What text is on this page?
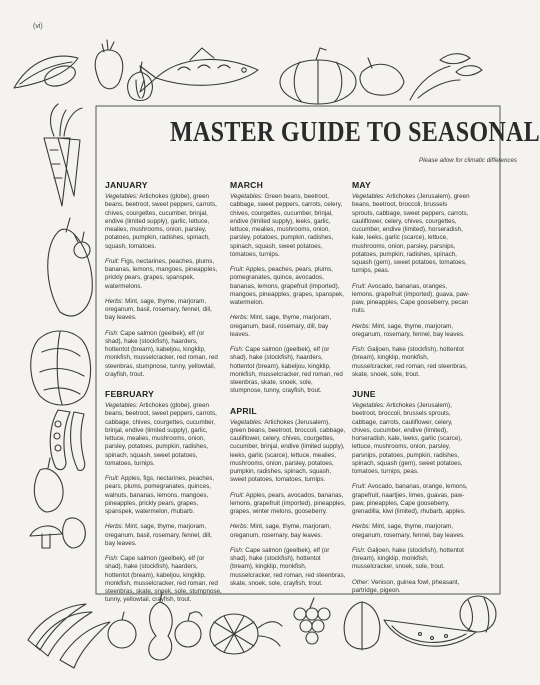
(vi)
MASTER GUIDE TO SEASONAL
Please allow for climatic differences
JANUARY

Vegetables: Artichokes (globe), green beans, beetroot, sweet peppers, carrots, chives, courgettes, cucumber, brinjal, endive (limited supply), garlic, lettuce, mealies, mushrooms, onion, parsley, potatoes, pumpkin, radishes, spinach, squash, tomatoes.

Fruit: Figs, nectarines, peaches, plums, bananas, lemons, mangoes, pineapples, prickly pears, grapes, spanspek, watermelons.

Herbs: Mint, sage, thyme, marjoram, oreganum, basil, rosemary, fennel, dill, bay leaves.

Fish: Cape salmon (geelbek), elf (or shad), hake (stockfish), haarders, hottentot (bream), kabeljou, kingklip, monkfish, musselcracker, red roman, red steenbras, stumpnose, tunny, yellowtail, crayfish, trout.

FEBRUARY

Vegetables: Artichokes (globe), green beans, beetroot, sweet peppers, carrots, cabbage, chives, courgettes, cucumber, brinjal, endive (limited supply), garlic, lettuce, mealies, mushrooms, onion, parsley, potatoes, pumpkin, radishes, spinach, squash, sweet potatoes, tomatoes, turnips.

Fruit: Apples, figs, nectarines, peaches, pears, plums, pomegranates, quinces, walnuts, bananas, lemons, mangoes, pineapples, prickly pears, grapes, spanspek, watermelon, rhubarb.

Herbs: Mint, sage, thyme, marjoram, oreganum, basil, rosemary, fennel, dill, bay leaves.

Fish: Cape salmon (geelbek), elf (or shad), hake (stockfish), haarders, hottentot (bream), kabeljou, kingklip, monkfish, musselcracker, red roman, red steenbras, skate, snoek, sole, stumpnose, tunny, yellowtail, crayfish, trout.

MARCH

Vegetables: Green beans, beetroot, cabbage, sweet peppers, carrots, celery, chives, courgettes, cucumber, brinjal, endive (limited supply), leeks, garlic, lettuce, mealies, mushrooms, onion, parsley, potatoes, pumpkin, radishes, spinach, squash, sweet potatoes, tomatoes, turnips.

Fruit: Apples, peaches, pears, plums, pomegranates, quince, avocados, bananas, lemons, grapefruit (imported), mangoes, pineapples, grapes, spanspek, watermelon.

Herbs: Mint, sage, thyme, marjoram, oreganum, basil, rosemary, dill, bay leaves.

Fish: Cape salmon (geelbek), elf (or shad), hake (stockfish), haarders, hottentot (bream), kabeljou, kingklip, monkfish, musselcracker, red roman, red steenbras, skate, snoek, sole, stumpnose, tunny, crayfish, trout.

APRIL

Vegetables: Artichokes (Jerusalem), green beans, beetroot, broccoli, cabbage, cauliflower, celery, chives, courgettes, cucumber, brinjal, endive (limited supply), leeks, garlic (scarce), lettuce, mealies, mushrooms, onion, parsley, potatoes, pumpkin, radishes, spinach, squash, sweet potatoes, tomatoes, turnips.

Fruit: Apples, pears, avocados, bananas, lemons, grapefruit (imported), pineapples, grapes, winter melons, gooseberry.

Herbs: Mint, sage, thyme, marjoram, oreganum, rosemary, bay leaves.

Fish: Cape salmon (geelbek), elf (or shad), hake (stockfish), hottentot (bream), kingklip, monkfish, musselcracker, red roman, red steenbras, skate, snoek, sole, crayfish, trout.

MAY

Vegetables: Artichokes (Jerusalem), green beans, beetroot, broccoli, brussels sprouts, cabbage, sweet peppers, carrots, cauliflower, celery, chives, courgettes, cucumber, endive (limited), horseradish, kale, leeks, garlic (scarce), lettuce, mushrooms, onion, parsley, parsnips, potatoes, pumpkin, radishes, spinach, squash (gem), sweet potatoes, tomatoes, turnips, peas.

Fruit: Avocado, bananas, oranges, lemons, grapefruit (imported), guava, paw-paw, pineapples, Cape gooseberry, pecan nuts.

Herbs: Mint, sage, thyme, marjoram, oreganum, rosemary, fennel, bay leaves.

Fish: Galjoen, hake (stockfish), hottentot (bream), kingklip, monkfish, musselcracker, red roman, red steenbras, skate, snoek, sole, trout.

JUNE

Vegetables: Artichokes (Jerusalem), beetroot, broccoli, brussels sprouts, cabbage, carrots, cauliflower, celery, chives, cucumber, endive (limited), horseradish, kale, leeks, garlic (scarce), lettuce, mushrooms, onion, parsley, parsnips, potatoes, pumpkin, radishes, spinach, squash (gem), sweet potatoes, tomatoes, turnips, peas.

Fruit: Avocado, bananas, orange, lemons, grapefruit, naartjies, limes, guavas, paw-paw, pineapples, Cape gooseberry, grenadilla, kiwi (limited), rhubarb, apples.

Herbs: Mint, sage, thyme, marjoram, oreganum, rosemary, fennel, bay leaves.

Fish: Galjoen, hake (stockfish), hottentot (bream), kingklip, monkfish, musselcracker, snoek, sole, trout.

Other: Venison, guinea fowl, pheasant, partridge, pigeon.
